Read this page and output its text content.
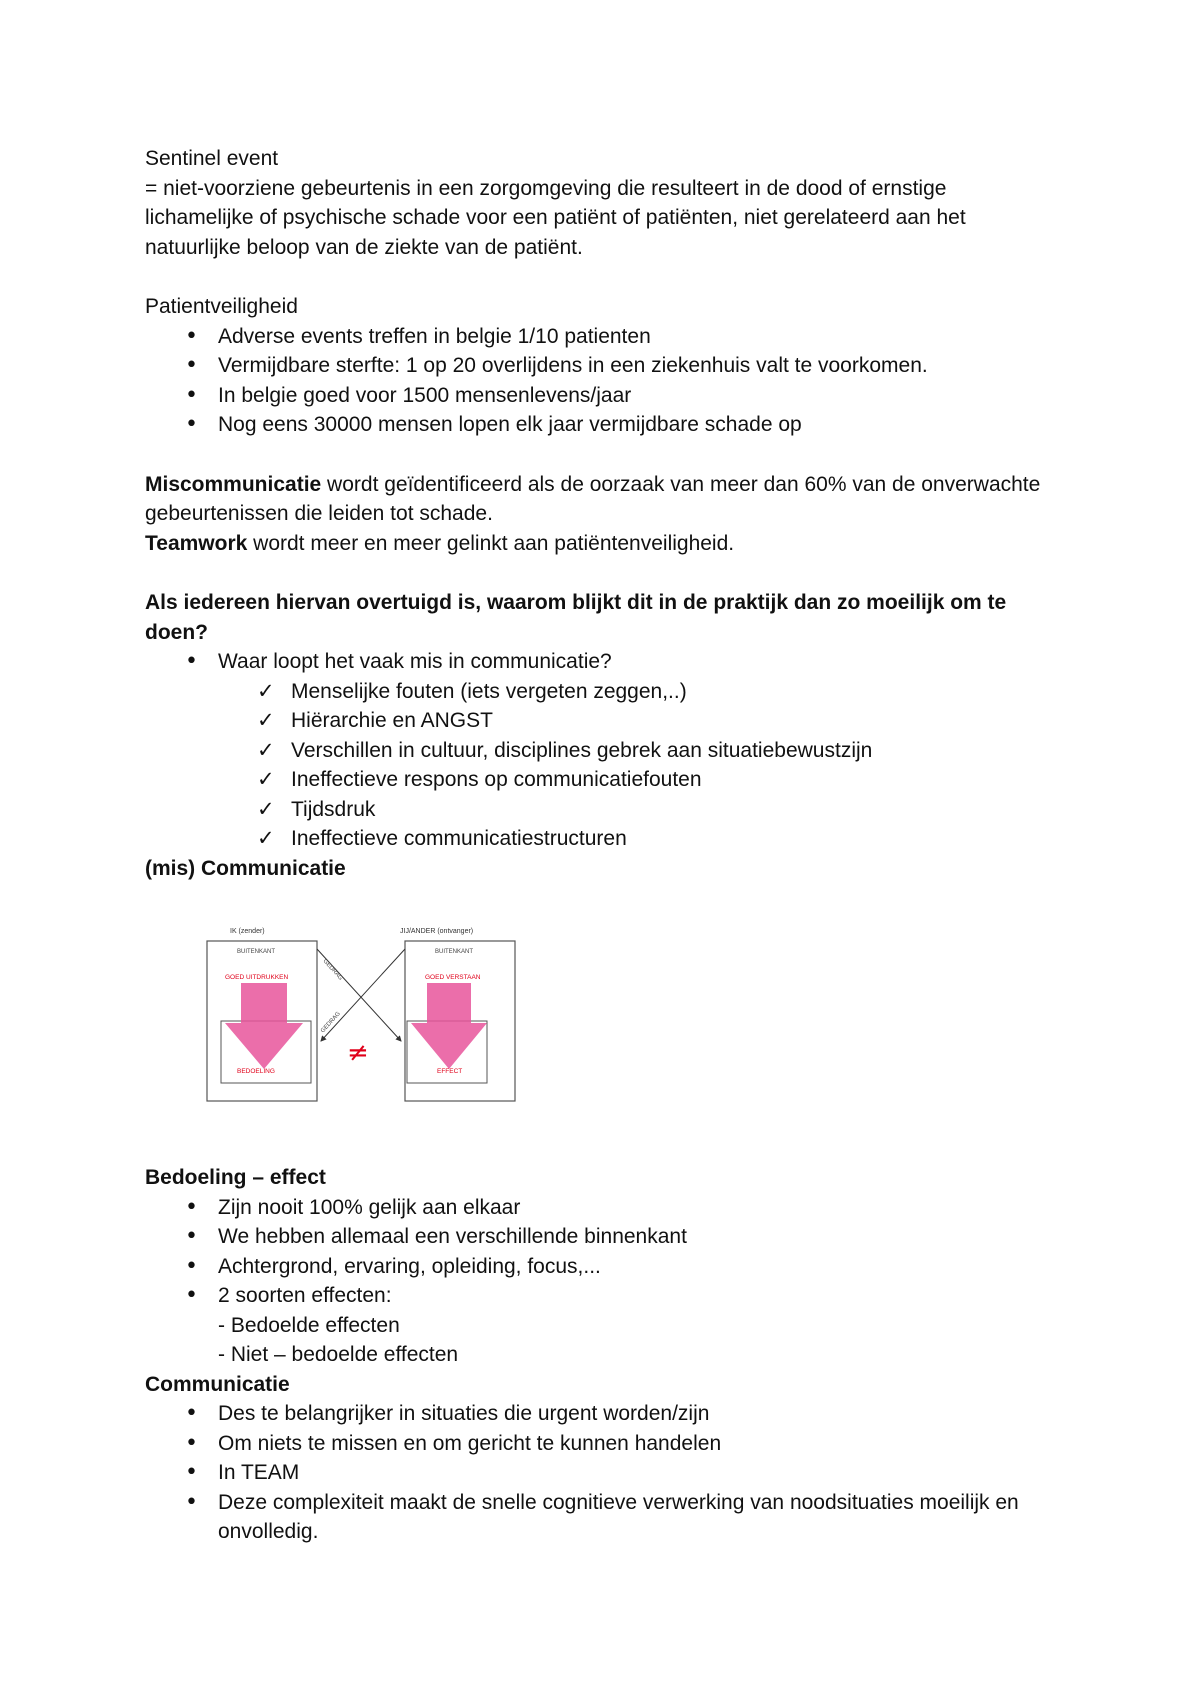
Sentinel event

= niet-voorziene gebeurtenis in een zorgomgeving die resulteert in de dood of ernstige lichamelijke of psychische schade voor een patiënt of patiënten, niet gerelateerd aan het natuurlijke beloop van de ziekte van de patiënt.

Patientveiligheid

• Adverse events treffen in belgie 1/10 patienten
• Vermijdbare sterfte: 1 op 20 overlijdens in een ziekenhuis valt te voorkomen.
• In belgie goed voor 1500 mensenlevens/jaar
• Nog eens 30000 mensen lopen elk jaar vermijdbare schade op

Miscommunicatie wordt geïdentificeerd als de oorzaak van meer dan 60% van de onverwachte gebeurtenissen die leiden tot schade.

Teamwork wordt meer en meer gelinkt aan patiëntenveiligheid.

Als iedereen hiervan overtuigd is, waarom blijkt dit in de praktijk dan zo moeilijk om te doen?

• Waar loopt het vaak mis in communicatie?
✓ Menselijke fouten (iets vergeten zeggen,..)
✓ Hiërarchie en ANGST
✓ Verschillen in cultuur, disciplines gebrek aan situatiebewustzijn
✓ Ineffectieve respons op communicatiefouten
✓ Tijdsdruk
✓ Ineffectieve communicatiestructuren

(mis) Communicatie

IK (zender)	JIJ/ANDER (ontvanger)
BUITENKANT
GOED UITDRUKKEN
BEDOELING
BUITENKANT
GOED VERSTAAN
EFFECT
GEDRAG
GEDRAG
≠

Bedoeling – effect

• Zijn nooit 100% gelijk aan elkaar
• We hebben allemaal een verschillende binnenkant
• Achtergrond, ervaring, opleiding, focus,...
• 2 soorten effecten:

- Bedoelde effecten

- Niet – bedoelde effecten

Communicatie

• Des te belangrijker in situaties die urgent worden/zijn
• Om niets te missen en om gericht te kunnen handelen
• In TEAM
• Deze complexiteit maakt de snelle cognitieve verwerking van noodsituaties moeilijk en onvolledig.
